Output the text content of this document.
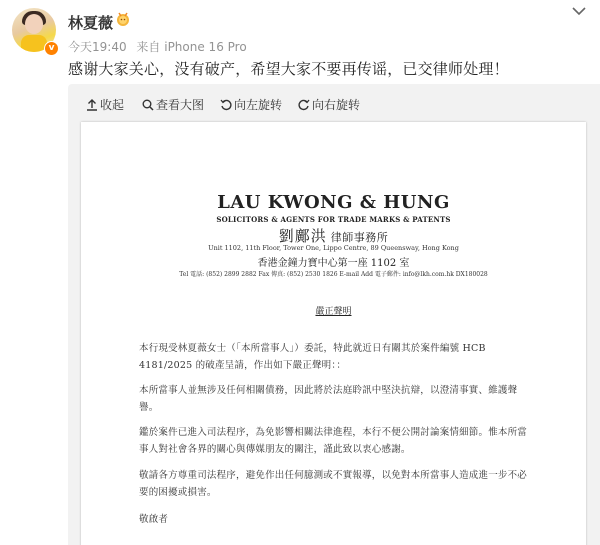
v
林夏薇
今天19:40 来自 iPhone 16 Pro
感谢大家关心，没有破产，希望大家不要再传谣，已交律师处理！
收起	查看大图 向左旋转 向右旋转
LAU KWONG & HUNG
SOLICITORS & AGENTS FOR TRADE MARKS & PATENTS
劉鄺洪 律師事務所
Unit 1102, 11th Floor, Tower One, Lippo Centre, 89 Queensway, Hong Kong
香港金鐘力寶中心第一座 1102 室
Tel 電話: (852) 2899 2882 Fax 傳真: (852) 2530 1826 E-mail Add 電子郵件: info@lkh.com.hk DX180028
嚴正聲明
本行現受林夏薇女士（「本所當事人」）委託，特此就近日有關其於案件編號 HCB 4181/2025 的破產呈請，作出如下嚴正聲明：：
本所當事人並無涉及任何相關債務，因此將於法庭聆訊中堅決抗辯，以澄清事實、維護聲譽。
鑑於案件已進入司法程序，為免影響相關法律進程，本行不便公開討論案情細節。惟本所當事人對社會各界的關心與傳媒朋友的關注，謹此致以衷心感謝。
敬請各方尊重司法程序，避免作出任何臆測或不實報導，以免對本所當事人造成進一步不必要的困擾或損害。
敬啟者
